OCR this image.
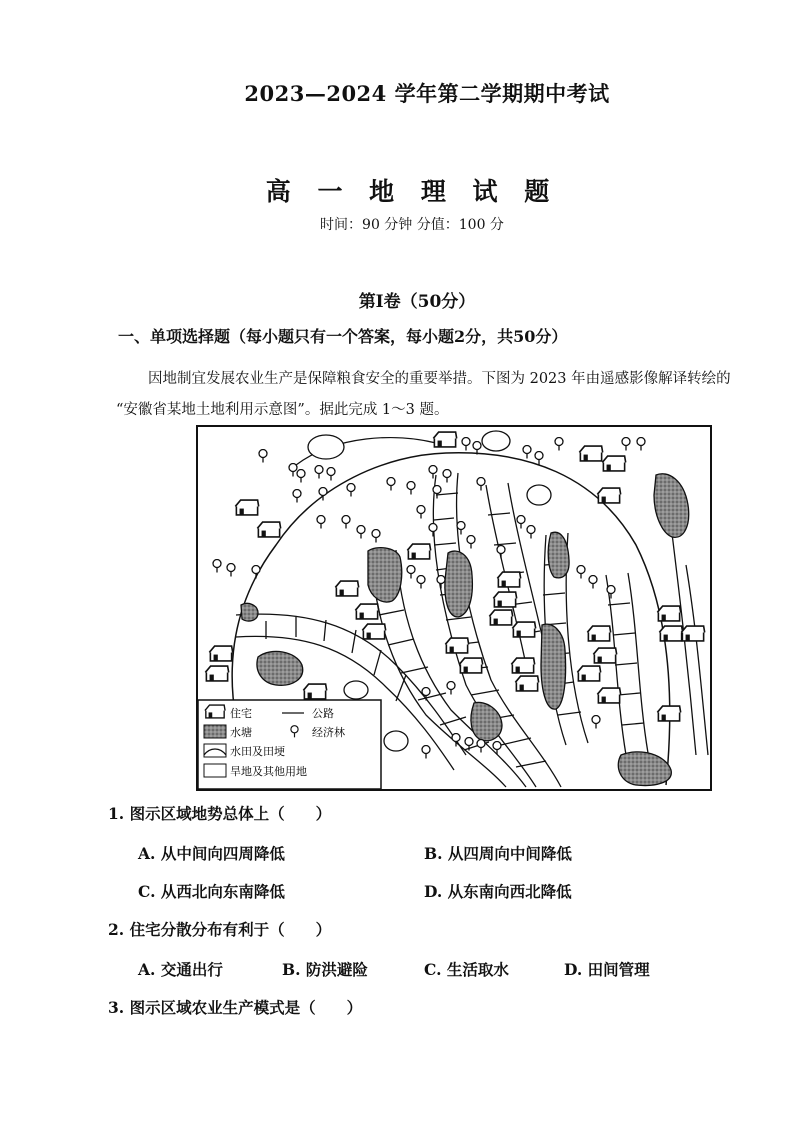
2023—2024 学年第二学期期中考试
高 一 地 理 试 题
时间：90 分钟 分值：100 分
第Ⅰ卷（50分）
一、单项选择题（每小题只有一个答案，每小题2分，共50分）
因地制宜发展农业生产是保障粮食安全的重要举措。下图为 2023 年由遥感影像解译转绘的
“安徽省某地土地利用示意图”。据此完成 1～3 题。
住宅	公路
水塘	经济林
水田及田埂
旱地及其他用地
1. 图示区域地势总体上（　　）
A. 从中间向四周降低	B. 从四周向中间降低
C. 从西北向东南降低	D. 从东南向西北降低
2. 住宅分散分布有利于（　　）
A. 交通出行	B. 防洪避险	C. 生活取水	D. 田间管理
3. 图示区域农业生产模式是（　　）
